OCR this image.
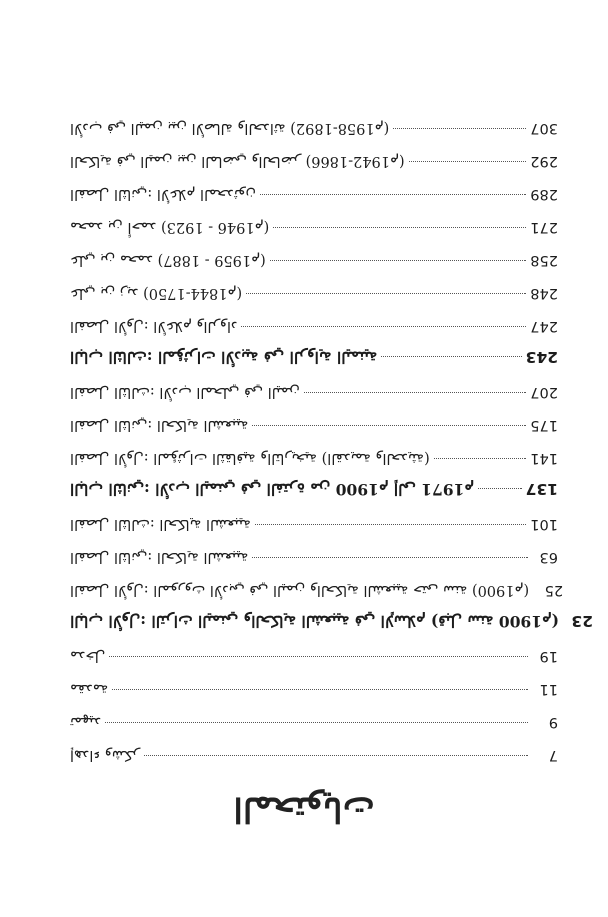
المحتويات
إهداء وشكر	7
تمهيد	9
مقدمة	11
مدخل	19
الباب الأول: التراث اليمني والحكاية الشعبية في الإسلام (قبل سنة 1900م)	23
الفصل الأول: الموروث الأدبي في اليمن والحكاية الشعبية حتى سنة (1900م)	25
الفصل الثاني: الحكاية الشعبية	63
الفصل الثالث: الحكاية الشعبية	101
الباب الثاني: الأدب اليمني في الفترة من 1900م إلى 1971م	137
الفصل الأول: المؤثرات الثقافية والتاريخية (القديمة والحديثة)	141
الفصل الثاني: الحكاية الشعبية	175
الفصل الثالث: الأدب المحلي في اليمن	207
الباب الثالث: المؤثرات الأدبية في الرواية اليمنية	243
الفصل الأول: الأعلام والرواد	247
علي بن زيد (1750-1844م)	248
علي بن محمد (1887 - 1959م)	258
محمد بن أحمد (1923 - 1946م)	271
الفصل الثاني: الأعلام المحدثون	289
الحكاية في اليمن بين الماضي والحاضر (1866-1942م)	292
الأدب في اليمن بين الأصالة والحداثة (1892-1958م)	307
